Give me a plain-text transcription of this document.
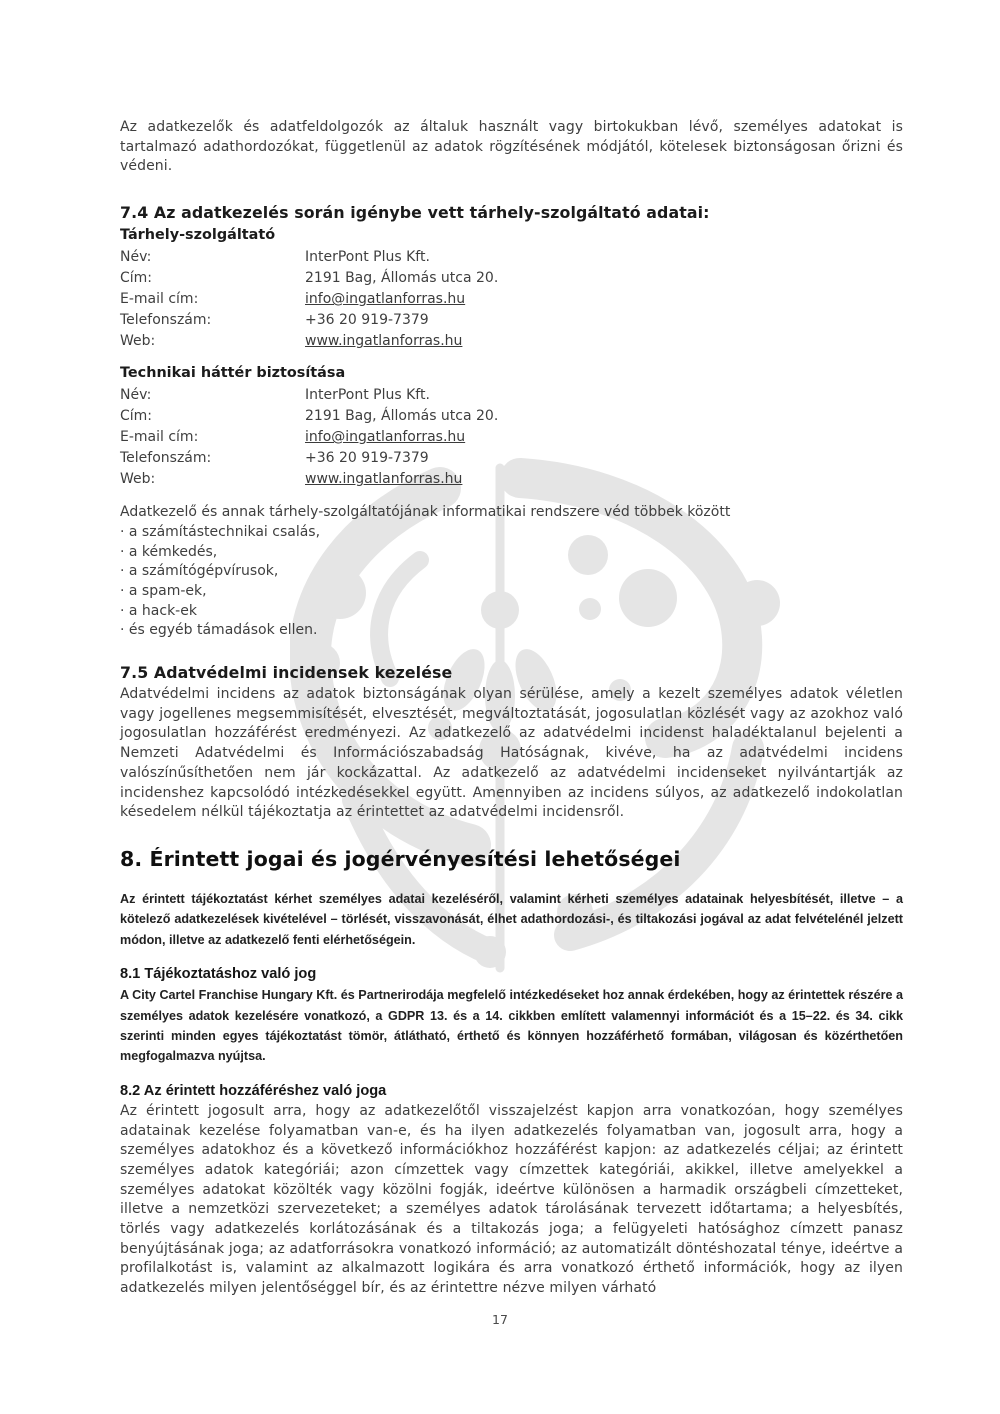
Az adatkezelők és adatfeldolgozók az általuk használt vagy birtokukban lévő, személyes adatokat is tartalmazó adathordozókat, függetlenül az adatok rögzítésének módjától, kötelesek biztonságosan őrizni és védeni.

7.4 Az adatkezelés során igénybe vett tárhely-szolgáltató adatai:
Tárhely-szolgáltató
Név:	InterPont Plus Kft.
Cím:	2191 Bag, Állomás utca 20.
E-mail cím:	info@ingatlanforras.hu
Telefonszám:	+36 20 919-7379
Web:	www.ingatlanforras.hu
Technikai háttér biztosítása
Név:	InterPont Plus Kft.
Cím:	2191 Bag, Állomás utca 20.
E-mail cím:	info@ingatlanforras.hu
Telefonszám:	+36 20 919-7379
Web:	www.ingatlanforras.hu

Adatkezelő és annak tárhely-szolgáltatójának informatikai rendszere véd többek között

· a számítástechnikai csalás,
· a kémkedés,
· a számítógépvírusok,
· a spam-ek,
· a hack-ek
· és egyéb támadások ellen.
7.5 Adatvédelmi incidensek kezelése

Adatvédelmi incidens az adatok biztonságának olyan sérülése, amely a kezelt személyes adatok véletlen vagy jogellenes megsemmisítését, elvesztését, megváltoztatását, jogosulatlan közlését vagy az azokhoz való jogosulatlan hozzáférést eredményezi. Az adatkezelő az adatvédelmi incidenst haladéktalanul bejelenti a Nemzeti Adatvédelmi és Információszabadság Hatóságnak, kivéve, ha az adatvédelmi incidens valószínűsíthetően nem jár kockázattal. Az adatkezelő az adatvédelmi incidenseket nyilvántartják az incidenshez kapcsolódó intézkedésekkel együtt. Amennyiben az incidens súlyos, az adatkezelő indokolatlan késedelem nélkül tájékoztatja az érintettet az adatvédelmi incidensről.

8. Érintett jogai és jogérvényesítési lehetőségei

Az érintett tájékoztatást kérhet személyes adatai kezeléséről, valamint kérheti személyes adatainak helyesbítését, illetve – a kötelező adatkezelések kivételével – törlését, visszavonását, élhet adathordozási-, és tiltakozási jogával az adat felvételénél jelzett módon, illetve az adatkezelő fenti elérhetőségein.

8.1 Tájékoztatáshoz való jog

A City Cartel Franchise Hungary Kft. és Partnerirodája megfelelő intézkedéseket hoz annak érdekében, hogy az érintettek részére a személyes adatok kezelésére vonatkozó, a GDPR 13. és a 14. cikkben említett valamennyi információt és a 15–22. és 34. cikk szerinti minden egyes tájékoztatást tömör, átlátható, érthető és könnyen hozzáférhető formában, világosan és közérthetően megfogalmazva nyújtsa.

8.2 Az érintett hozzáféréshez való joga

Az érintett jogosult arra, hogy az adatkezelőtől visszajelzést kapjon arra vonatkozóan, hogy személyes adatainak kezelése folyamatban van-e, és ha ilyen adatkezelés folyamatban van, jogosult arra, hogy a személyes adatokhoz és a következő információkhoz hozzáférést kapjon: az adatkezelés céljai; az érintett személyes adatok kategóriái; azon címzettek vagy címzettek kategóriái, akikkel, illetve amelyekkel a személyes adatokat közölték vagy közölni fogják, ideértve különösen a harmadik országbeli címzetteket, illetve a nemzetközi szervezeteket; a személyes adatok tárolásának tervezett időtartama; a helyesbítés, törlés vagy adatkezelés korlátozásának és a tiltakozás joga; a felügyeleti hatósághoz címzett panasz benyújtásának joga; az adatforrásokra vonatkozó információ; az automatizált döntéshozatal ténye, ideértve a profilalkotást is, valamint az alkalmazott logikára és arra vonatkozó érthető információk, hogy az ilyen adatkezelés milyen jelentőséggel bír, és az érintettre nézve milyen várható

17
